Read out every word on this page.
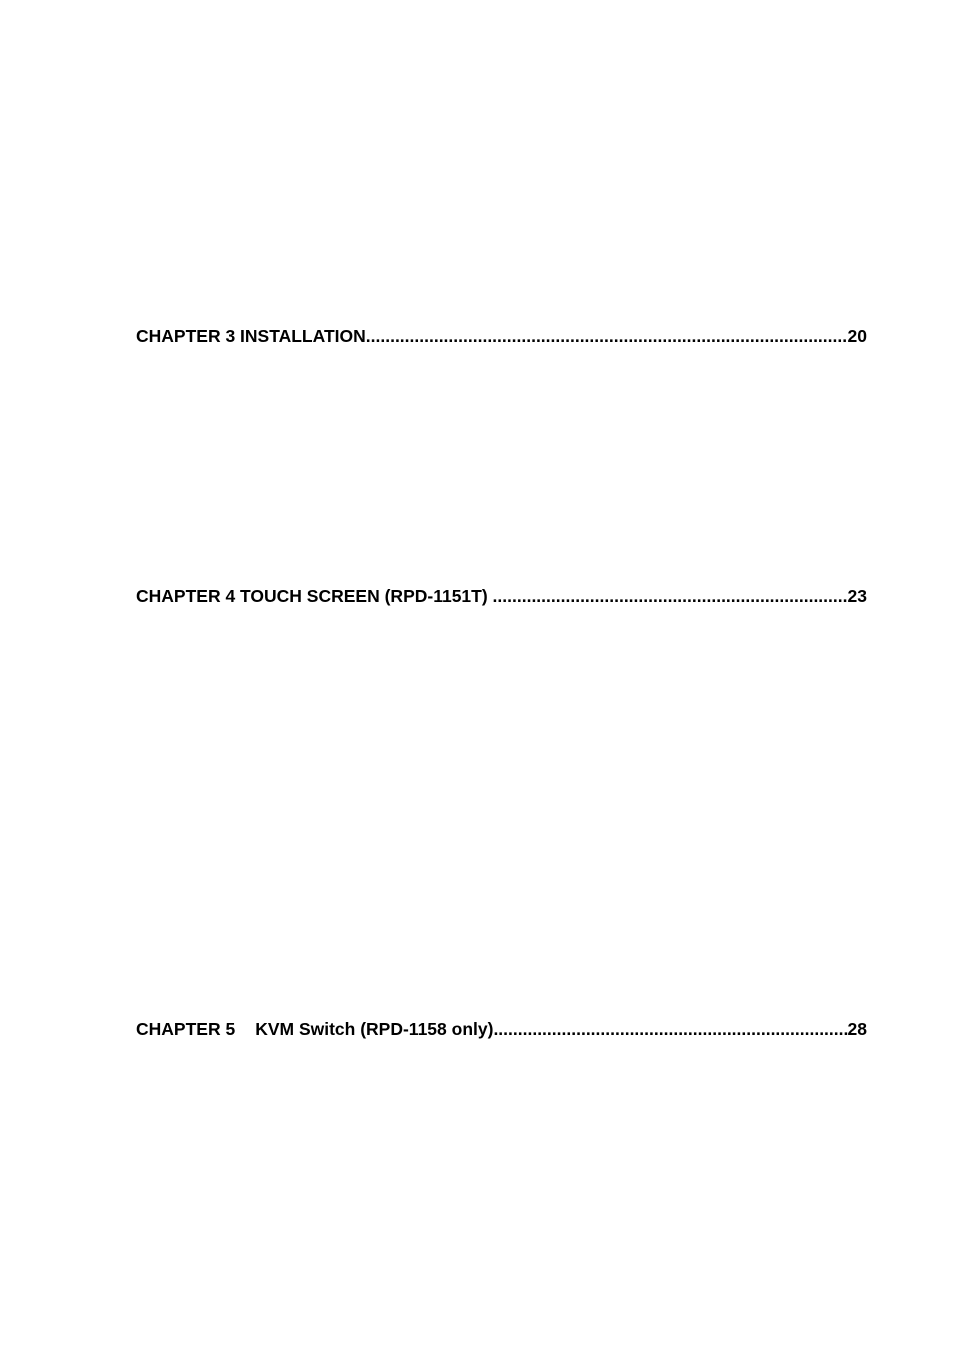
CHAPTER 3 INSTALLATION .....	20
CHAPTER 4 TOUCH SCREEN (RPD-1151T) .....	23
CHAPTER 5 KVM Switch (RPD-1158 only) .....	28
